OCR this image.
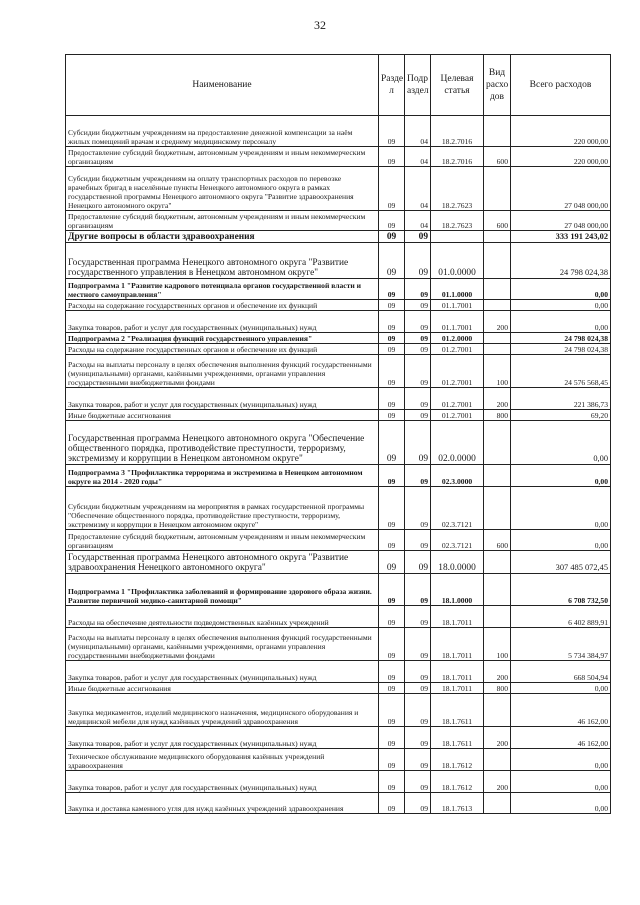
32
Наименование	Разде л	Подр аздел	Целевая статья	Вид расхо дов	Всего расходов
Субсидии бюджетным учреждениям на предоставление денежной компенсации за наём жилых помещений врачам и среднему медицинскому персоналу	09	04	18.2.7016		220 000,00
Предоставление субсидий бюджетным, автономным учреждениям и иным некоммерческим организациям	09	04	18.2.7016	600	220 000,00
Субсидии бюджетным учреждениям на оплату транспортных расходов по перевозке врачебных бригад в населённые пункты Ненецкого автономного округа в рамках государственной программы Ненецкого автономного округа "Развитие здравоохранения Ненецкого автономного округа"	09	04	18.2.7623		27 048 000,00
Предоставление субсидий бюджетным, автономным учреждениям и иным некоммерческим организациям	09	04	18.2.7623	600	27 048 000,00
Другие вопросы в области здравоохранения	09	09			333 191 243,02
Государственная программа Ненецкого автономного округа "Развитие государственного управления в Ненецком автономном округе"	09	09	01.0.0000		24 798 024,38
Подпрограмма 1 "Развитие кадрового потенциала органов государственной власти и местного самоуправления"	09	09	01.1.0000		0,00
Расходы на содержание государственных органов и обеспечение их функций	09	09	01.1.7001		0,00
Закупка товаров, работ и услуг для государственных (муниципальных) нужд	09	09	01.1.7001	200	0,00
Подпрограмма 2 "Реализация функций государственного управления"	09	09	01.2.0000		24 798 024,38
Расходы на содержание государственных органов и обеспечение их функций	09	09	01.2.7001		24 798 024,38
Расходы на выплаты персоналу в целях обеспечения выполнения функций государственными (муниципальными) органами, казёнными учреждениями, органами управления государственными внебюджетными фондами	09	09	01.2.7001	100	24 576 568,45
Закупка товаров, работ и услуг для государственных (муниципальных) нужд	09	09	01.2.7001	200	221 386,73
Иные бюджетные ассигнования	09	09	01.2.7001	800	69,20
Государственная программа Ненецкого автономного округа "Обеспечение общественного порядка, противодействие преступности, терроризму, экстремизму и коррупции в Ненецком автономном округе"	09	09	02.0.0000		0,00
Подпрограмма 3 "Профилактика терроризма и экстремизма в Ненецком автономном округе на 2014 - 2020 годы"	09	09	02.3.0000		0,00
Субсидии бюджетным учреждениям на мероприятия в рамках государственной программы "Обеспечение общественного порядка, противодействие преступности, терроризму, экстремизму и коррупции в Ненецком автономном округе"	09	09	02.3.7121		0,00
Предоставление субсидий бюджетным, автономным учреждениям и иным некоммерческим организациям	09	09	02.3.7121	600	0,00
Государственная программа Ненецкого автономного округа "Развитие здравоохранения Ненецкого автономного округа"	09	09	18.0.0000		307 485 072,45
Подпрограмма 1 "Профилактика заболеваний и формирование здорового образа жизни. Развитие первичной медико-санитарной помощи"	09	09	18.1.0000		6 708 732,50
Расходы на обеспечение деятельности подведомственных казённых учреждений	09	09	18.1.7011		6 402 889,91
Расходы на выплаты персоналу в целях обеспечения выполнения функций государственными (муниципальными) органами, казёнными учреждениями, органами управления государственными внебюджетными фондами	09	09	18.1.7011	100	5 734 384,97
Закупка товаров, работ и услуг для государственных (муниципальных) нужд	09	09	18.1.7011	200	668 504,94
Иные бюджетные ассигнования	09	09	18.1.7011	800	0,00
Закупка медикаментов, изделий медицинского назначения, медицинского оборудования и медицинской мебели для нужд казённых учреждений здравоохранения	09	09	18.1.7611		46 162,00
Закупка товаров, работ и услуг для государственных (муниципальных) нужд	09	09	18.1.7611	200	46 162,00
Техническое обслуживание медицинского оборудования казённых учреждений здравоохранения	09	09	18.1.7612		0,00
Закупка товаров, работ и услуг для государственных (муниципальных) нужд	09	09	18.1.7612	200	0,00
Закупка и доставка каменного угля для нужд казённых учреждений здравоохранения	09	09	18.1.7613		0,00
